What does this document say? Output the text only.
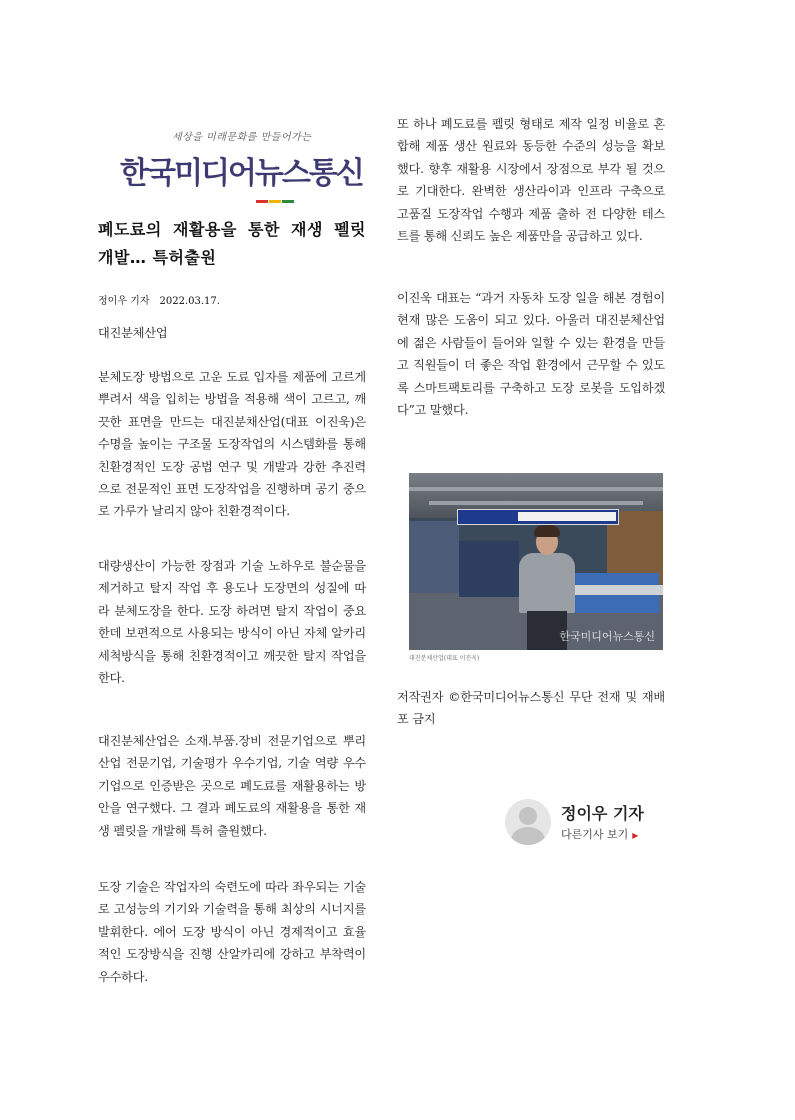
세상을 미래문화를 만들어가는
한국미디어뉴스통신
폐도료의 재활용을 통한 재생 펠릿 개발… 특허출원
정이우 기자 2022.03.17.
대진분체산업
분체도장 방법으로 고운 도료 입자를 제품에 고르게 뿌려서 색을 입히는 방법을 적용해 색이 고르고, 깨끗한 표면을 만드는 대진분채산업(대표 이진욱)은 수명을 높이는 구조물 도장작업의 시스템화를 통해 친환경적인 도장 공법 연구 및 개발과 강한 추진력으로 전문적인 표면 도장작업을 진행하며 공기 중으로 가루가 날리지 않아 친환경적이다.
대량생산이 가능한 장점과 기술 노하우로 불순물을 제거하고 탈지 작업 후 용도나 도장면의 성질에 따라 분체도장을 한다. 도장 하려면 탈지 작업이 중요한데 보편적으로 사용되는 방식이 아닌 자체 알카리 세척방식을 통해 친환경적이고 깨끗한 탈지 작업을 한다.
대진분체산업은 소재.부품.장비 전문기업으로 뿌리산업 전문기업, 기술평가 우수기업, 기술 역량 우수기업으로 인증받은 곳으로 폐도료를 재활용하는 방안을 연구했다. 그 결과 폐도료의 재활용을 통한 재생 펠릿을 개발해 특허 출원했다.
도장 기술은 작업자의 숙련도에 따라 좌우되는 기술로 고성능의 기기와 기술력을 통해 최상의 시너지를 발휘한다. 에어 도장 방식이 아닌 경제적이고 효율적인 도장방식을 진행 산알카리에 강하고 부착력이 우수하다.
또 하나 폐도료를 펠릿 형태로 제작 일정 비율로 혼합해 제품 생산 원료와 동등한 수준의 성능을 확보했다. 향후 재활용 시장에서 장점으로 부각 될 것으로 기대한다. 완벽한 생산라이과 인프라 구축으로 고품질 도장작업 수행과 제품 출하 전 다양한 테스트를 통해 신뢰도 높은 제품만을 공급하고 있다.
이진욱 대표는 “과거 자동차 도장 일을 해본 경험이 현재 많은 도움이 되고 있다. 아울러 대진분체산업에 젊은 사람들이 들어와 일할 수 있는 환경을 만들고 직원들이 더 좋은 작업 환경에서 근무할 수 있도록 스마트팩토리를 구축하고 도장 로봇을 도입하겠다”고 말했다.
한국미디어뉴스통신
대진분체산업(대표 이진욱)
저작권자 ©한국미디어뉴스통신 무단 전재 및 재배포 금지
정이우 기자
다른기사 보기 ▶
